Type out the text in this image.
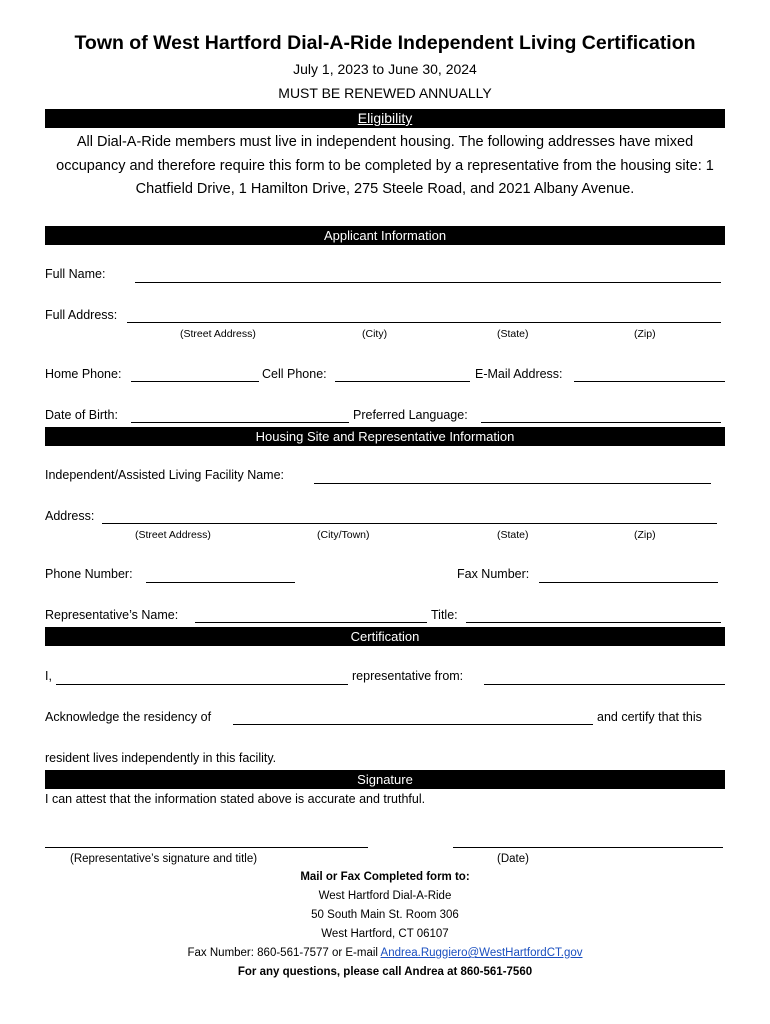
Town of West Hartford Dial-A-Ride Independent Living Certification
July 1, 2023 to June 30, 2024
MUST BE RENEWED ANNUALLY
Eligibility
All Dial-A-Ride members must live in independent housing. The following addresses have mixed occupancy and therefore require this form to be completed by a representative from the housing site: 1 Chatfield Drive, 1 Hamilton Drive, 275 Steele Road, and 2021 Albany Avenue.
Applicant Information
Full Name:
Full Address:
(Street Address)	(City)	(State)	(Zip)
Home Phone:	Cell Phone:	E-Mail Address:
Date of Birth:	Preferred Language:
Housing Site and Representative Information
Independent/Assisted Living Facility Name:
Address:
(Street Address)	(City/Town)	(State)	(Zip)
Phone Number:	Fax Number:
Representative’s Name:	Title:
Certification
I,	representative from:
Acknowledge the residency of	and certify that this
resident lives independently in this facility.
Signature
I can attest that the information stated above is accurate and truthful.
(Representative’s signature and title)	(Date)
Mail or Fax Completed form to:
West Hartford Dial-A-Ride
50 South Main St. Room 306
West Hartford, CT 06107
Fax Number: 860-561-7577 or E-mail Andrea.Ruggiero@WestHartfordCT.gov
For any questions, please call Andrea at 860-561-7560
